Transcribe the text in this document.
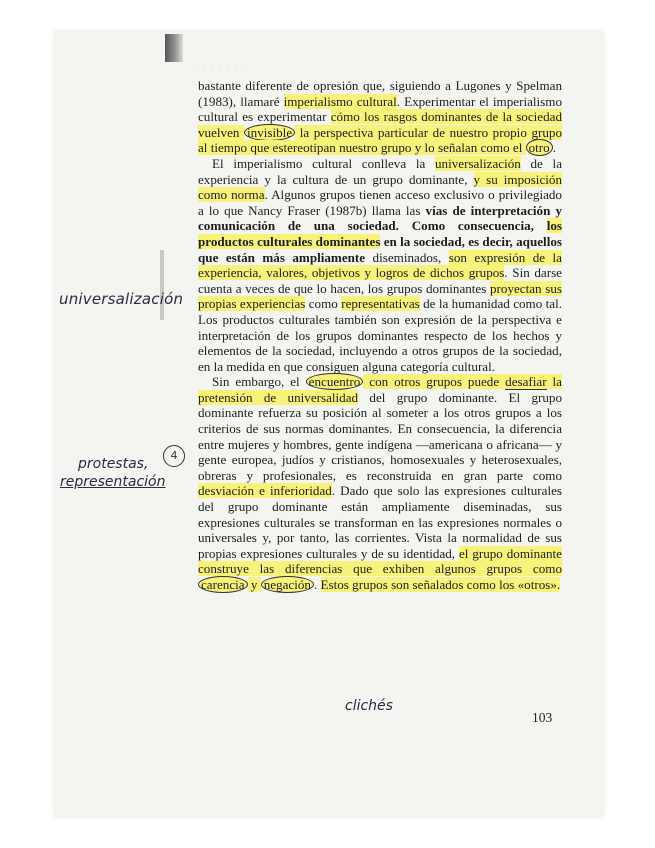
· · · · · · ·

bastante diferente de opresión que, siguiendo a Lugones y Spelman (1983), llamaré imperialismo cultural. Experimentar el imperialismo cultural es experimentar cómo los rasgos dominantes de la sociedad vuelven invisible la perspectiva particular de nuestro propio grupo al tiempo que estereotipan nuestro grupo y lo señalan como el otro .

El imperialismo cultural conlleva la universalización de la experiencia y la cultura de un grupo dominante, y su imposición como norma. Algunos grupos tienen acceso exclusivo o privilegiado a lo que Nancy Fraser (1987b) llama las vías de interpretación y comunicación de una sociedad. Como consecuencia, los productos culturales dominantes en la sociedad, es decir, aquellos que están más ampliamente diseminados, son expresión de la experiencia, valores, objetivos y logros de dichos grupos. Sin darse cuenta a veces de que lo hacen, los grupos dominantes proyectan sus propias experiencias como representativas de la humanidad como tal. Los productos culturales también son expresión de la perspectiva e interpretación de los grupos dominantes respecto de los hechos y elementos de la sociedad, incluyendo a otros grupos de la sociedad, en la medida en que consiguen alguna categoría cultural.

Sin embargo, el encuentro con otros grupos puede desafiar la pretensión de universalidad del grupo dominante. El grupo dominante refuerza su posición al someter a los otros grupos a los criterios de sus normas dominantes. En consecuencia, la diferencia entre mujeres y hombres, gente indígena —americana o africana— y gente europea, judíos y cristianos, homosexuales y heterosexuales, obreras y profesionales, es reconstruida en gran parte como desviación e inferioridad. Dado que solo las expresiones culturales del grupo dominante están ampliamente diseminadas, sus expresiones culturales se transforman en las expresiones normales o universales y, por tanto, las corrientes. Vista la normalidad de sus propias expresiones culturales y de su identidad, el grupo dominante construye las diferencias que exhiben algunos grupos como carencia y negación . Estos grupos son señalados como los «otros».

universalización
4
protestas,
representación
clichés
103
